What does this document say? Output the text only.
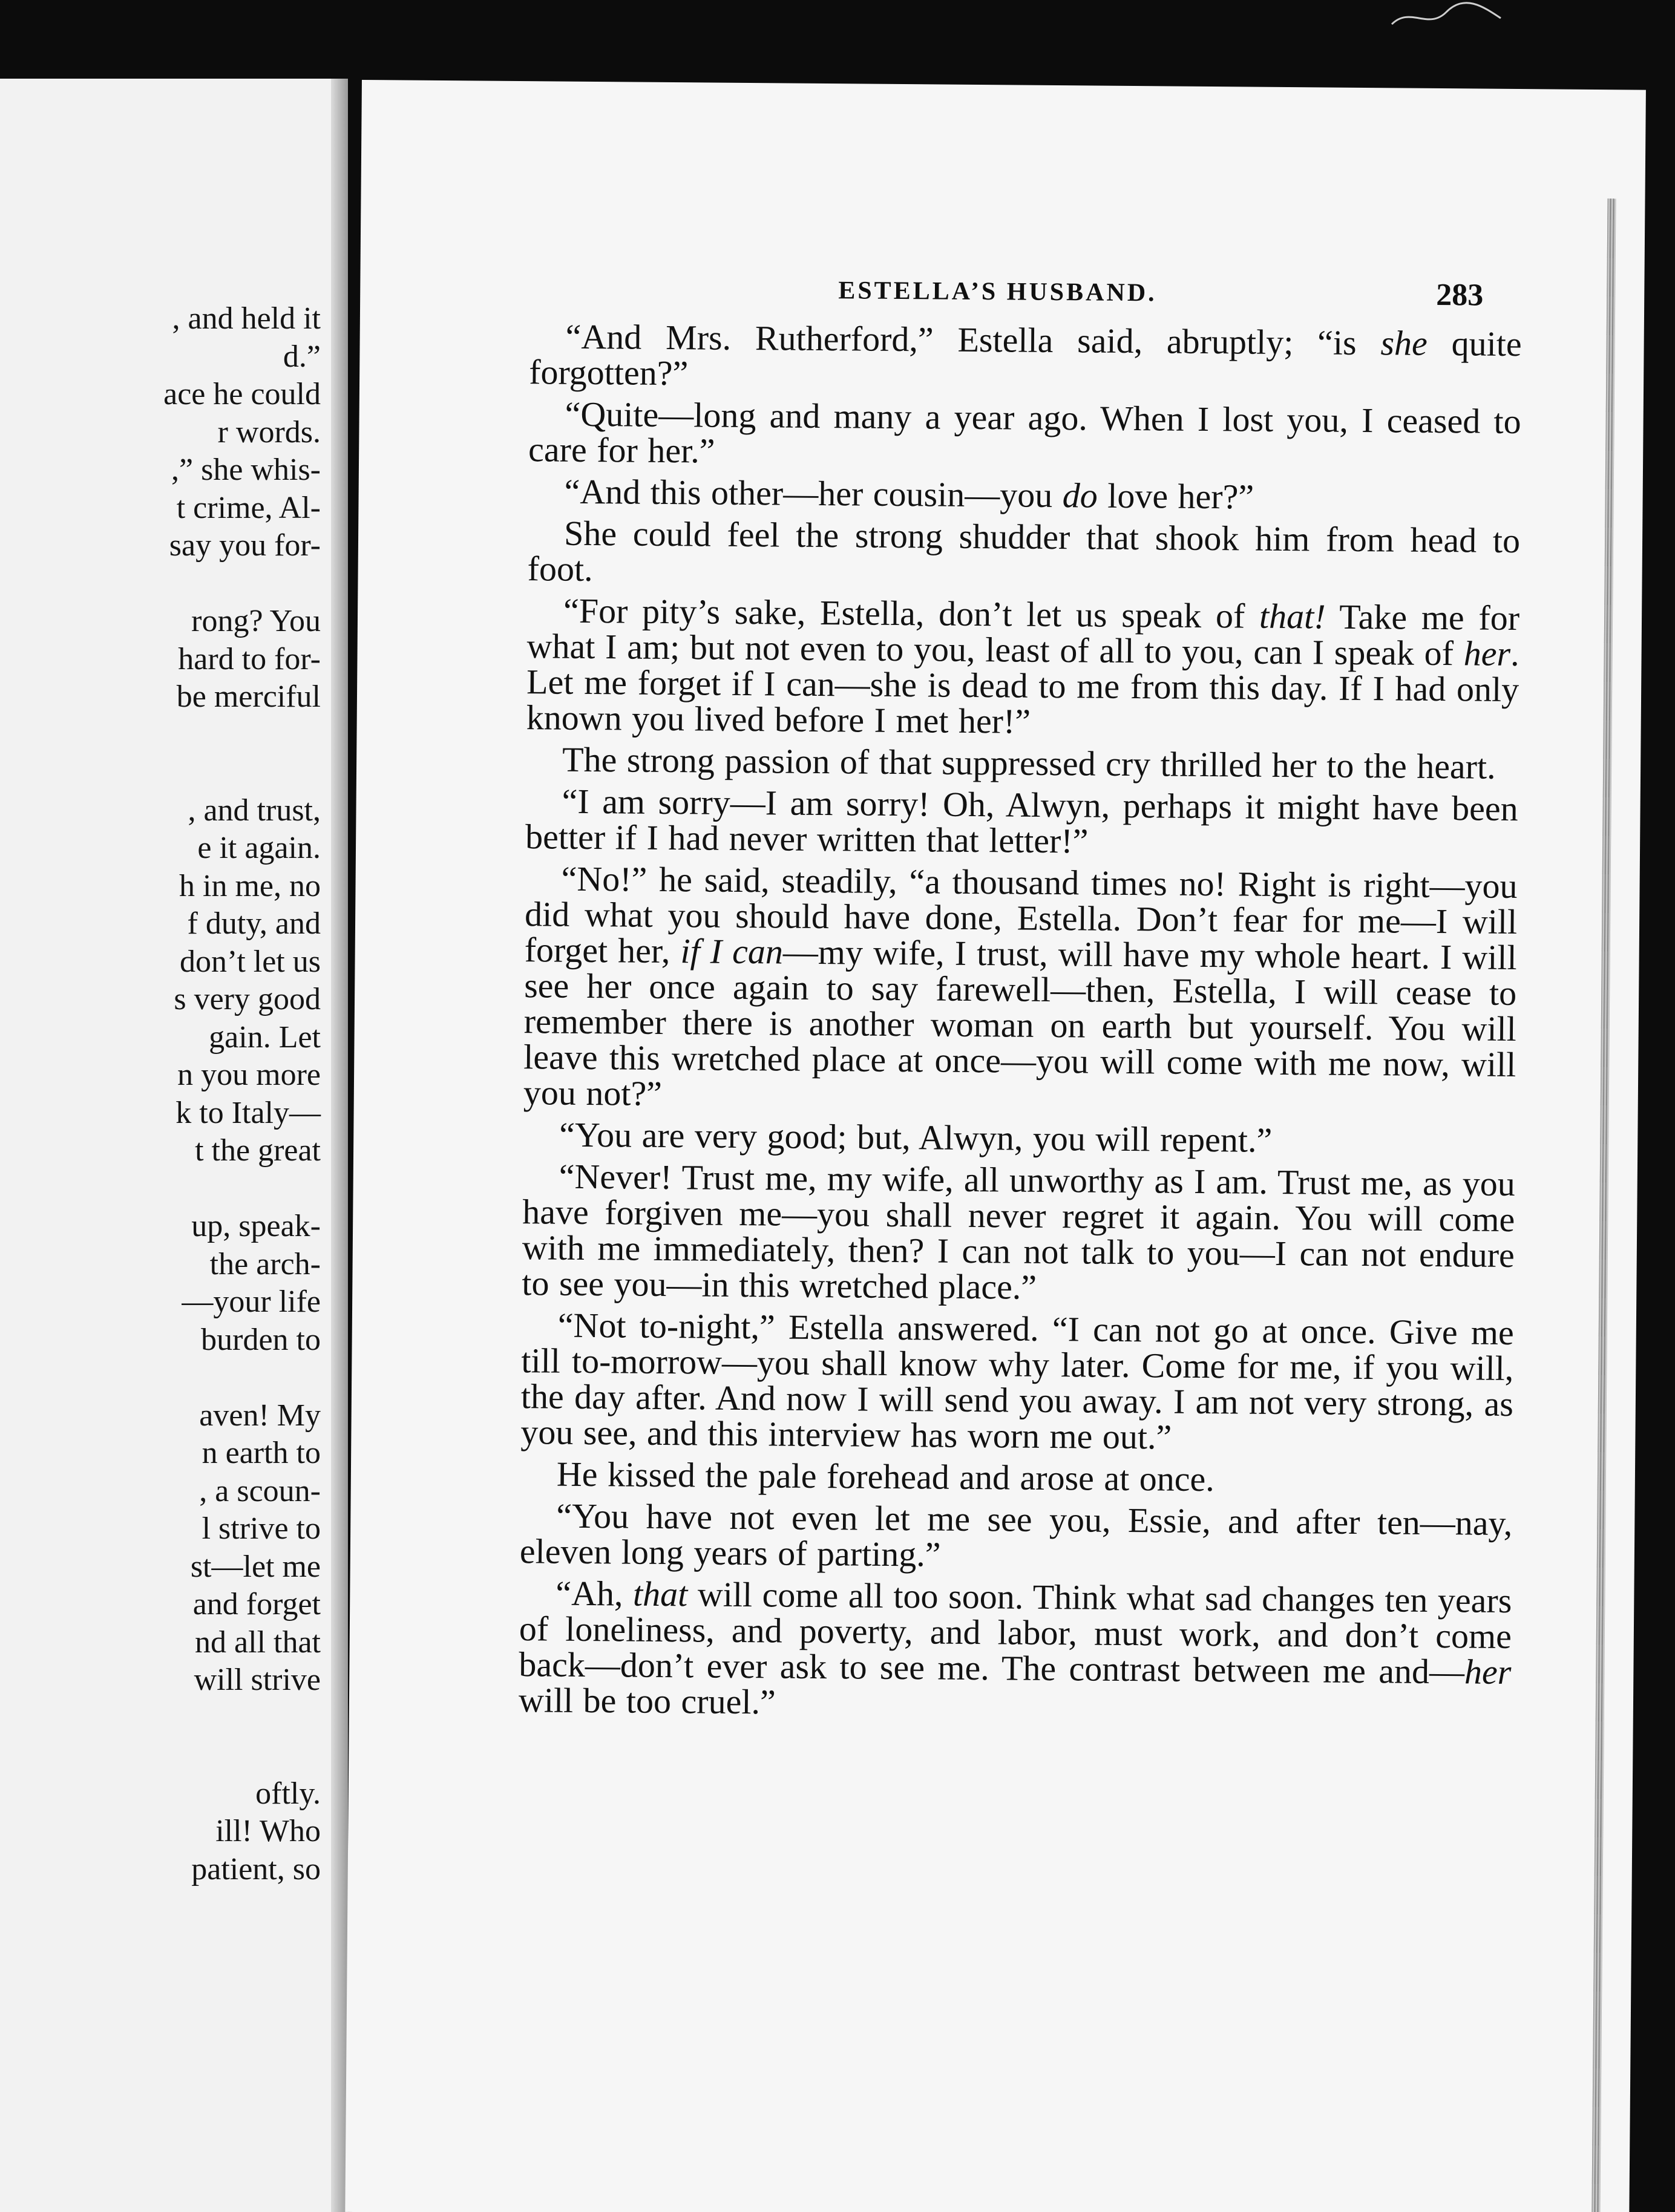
, and held it
d.”
ace he could
r words.
,” she whis-
t crime, Al-
say you for-
rong? You
hard to for-
be merciful
, and trust,
e it again.
h in me, no
f duty, and
don’t let us
s very good
gain. Let
n you more
k to Italy—
t the great
up, speak-
the arch-
—your life
burden to
aven! My
n earth to
, a scoun-
l strive to
st—let me
and forget
nd all that
will strive
oftly.
ill! Who
patient, so
ESTELLA’S HUSBAND.	283

“And Mrs. Rutherford,” Estella said, abruptly; “is she quite forgotten?”

“Quite—long and many a year ago. When I lost you, I ceased to care for her.”

“And this other—her cousin—you do love her?”

She could feel the strong shudder that shook him from head to foot.

“For pity’s sake, Estella, don’t let us speak of that! Take me for what I am; but not even to you, least of all to you, can I speak of her. Let me forget if I can—she is dead to me from this day. If I had only known you lived before I met her!”

The strong passion of that suppressed cry thrilled her to the heart.

“I am sorry—I am sorry! Oh, Alwyn, perhaps it might have been better if I had never written that letter!”

“No!” he said, steadily, “a thousand times no! Right is right—you did what you should have done, Estella. Don’t fear for me—I will forget her, if I can—my wife, I trust, will have my whole heart. I will see her once again to say farewell—then, Estella, I will cease to remember there is another woman on earth but yourself. You will leave this wretched place at once—you will come with me now, will you not?”

“You are very good; but, Alwyn, you will repent.”

“Never! Trust me, my wife, all unworthy as I am. Trust me, as you have forgiven me—you shall never regret it again. You will come with me immediately, then? I can not talk to you—I can not endure to see you—in this wretched place.”

“Not to-night,” Estella answered. “I can not go at once. Give me till to-morrow—you shall know why later. Come for me, if you will, the day after. And now I will send you away. I am not very strong, as you see, and this interview has worn me out.”

He kissed the pale forehead and arose at once.

“You have not even let me see you, Essie, and after ten—nay, eleven long years of parting.”

“Ah, that will come all too soon. Think what sad changes ten years of loneliness, and poverty, and labor, must work, and don’t come back—don’t ever ask to see me. The contrast between me and—her will be too cruel.”
